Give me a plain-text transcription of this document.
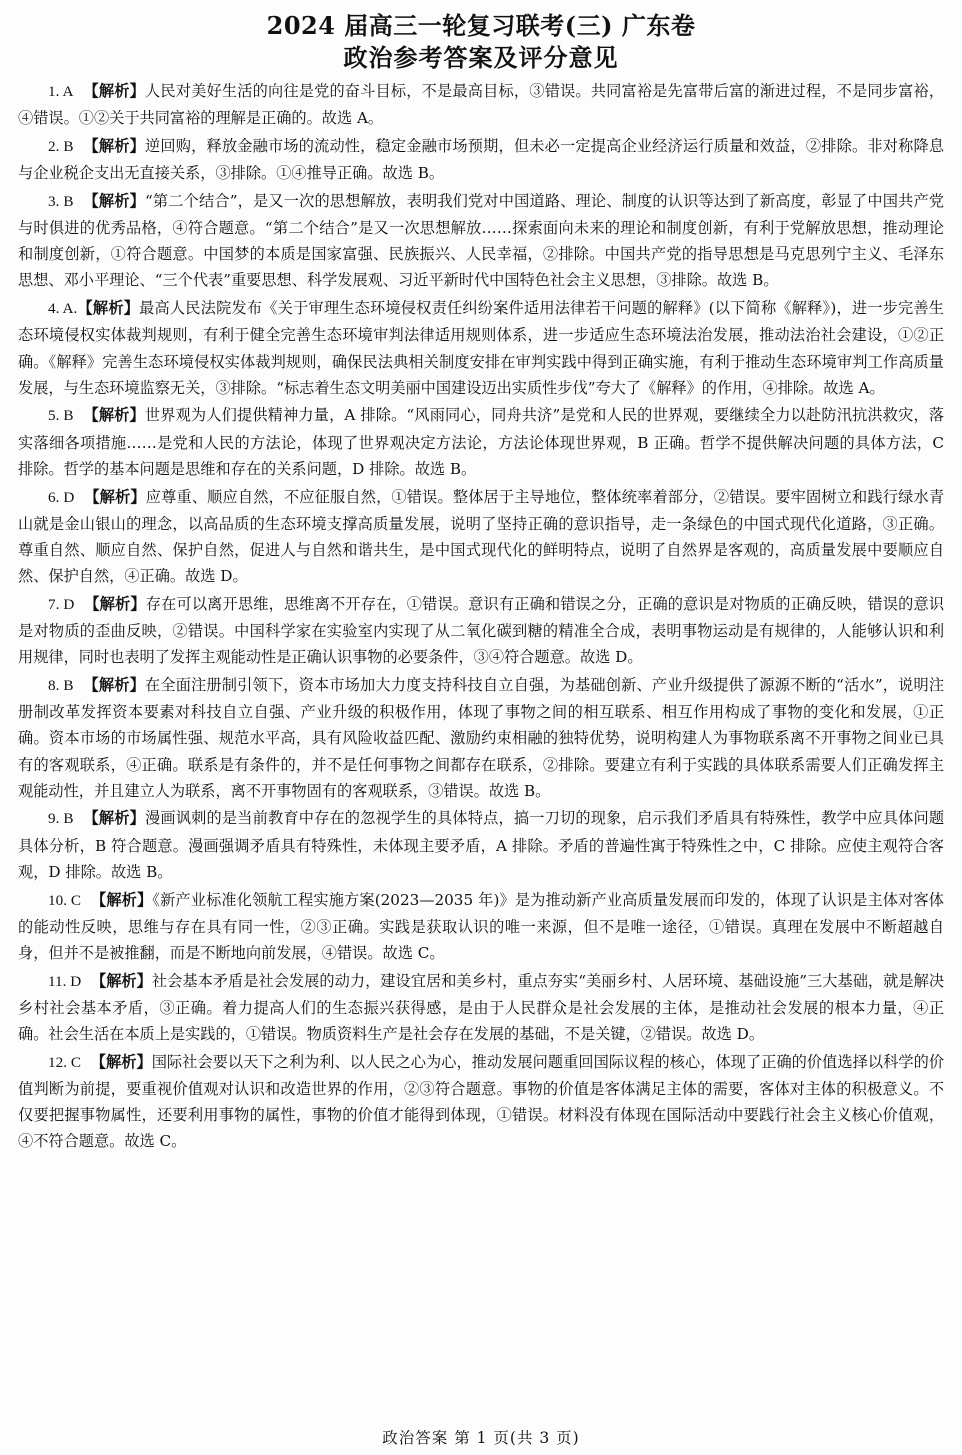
2024 届高三一轮复习联考(三) 广东卷
政治参考答案及评分意见

1. A 【解析】人民对美好生活的向往是党的奋斗目标，不是最高目标，③错误。共同富裕是先富带后富的渐进过程，不是同步富裕，④错误。①②关于共同富裕的理解是正确的。故选 A。

2. B 【解析】逆回购，释放金融市场的流动性，稳定金融市场预期，但未必一定提高企业经济运行质量和效益，②排除。非对称降息与企业税企支出无直接关系，③排除。①④推导正确。故选 B。

3. B 【解析】“第二个结合”，是又一次的思想解放，表明我们党对中国道路、理论、制度的认识等达到了新高度，彰显了中国共产党与时俱进的优秀品格，④符合题意。“第二个结合”是又一次思想解放……探索面向未来的理论和制度创新，有利于党解放思想，推动理论和制度创新，①符合题意。中国梦的本质是国家富强、民族振兴、人民幸福，②排除。中国共产党的指导思想是马克思列宁主义、毛泽东思想、邓小平理论、“三个代表”重要思想、科学发展观、习近平新时代中国特色社会主义思想，③排除。故选 B。

4. A.【解析】最高人民法院发布《关于审理生态环境侵权责任纠纷案件适用法律若干问题的解释》(以下简称《解释》)，进一步完善生态环境侵权实体裁判规则，有利于健全完善生态环境审判法律适用规则体系，进一步适应生态环境法治发展，推动法治社会建设，①②正确。《解释》完善生态环境侵权实体裁判规则，确保民法典相关制度安排在审判实践中得到正确实施，有利于推动生态环境审判工作高质量发展，与生态环境监察无关，③排除。“标志着生态文明美丽中国建设迈出实质性步伐”夸大了《解释》的作用，④排除。故选 A。

5. B 【解析】世界观为人们提供精神力量，A 排除。“风雨同心，同舟共济”是党和人民的世界观，要继续全力以赴防汛抗洪救灾，落实落细各项措施……是党和人民的方法论，体现了世界观决定方法论，方法论体现世界观，B 正确。哲学不提供解决问题的具体方法，C 排除。哲学的基本问题是思维和存在的关系问题，D 排除。故选 B。

6. D 【解析】应尊重、顺应自然，不应征服自然，①错误。整体居于主导地位，整体统率着部分，②错误。要牢固树立和践行绿水青山就是金山银山的理念，以高品质的生态环境支撑高质量发展，说明了坚持正确的意识指导，走一条绿色的中国式现代化道路，③正确。尊重自然、顺应自然、保护自然，促进人与自然和谐共生，是中国式现代化的鲜明特点，说明了自然界是客观的，高质量发展中要顺应自然、保护自然，④正确。故选 D。

7. D 【解析】存在可以离开思维，思维离不开存在，①错误。意识有正确和错误之分，正确的意识是对物质的正确反映，错误的意识是对物质的歪曲反映，②错误。中国科学家在实验室内实现了从二氧化碳到糖的精准全合成，表明事物运动是有规律的，人能够认识和利用规律，同时也表明了发挥主观能动性是正确认识事物的必要条件，③④符合题意。故选 D。

8. B 【解析】在全面注册制引领下，资本市场加大力度支持科技自立自强，为基础创新、产业升级提供了源源不断的“活水”，说明注册制改革发挥资本要素对科技自立自强、产业升级的积极作用，体现了事物之间的相互联系、相互作用构成了事物的变化和发展，①正确。资本市场的市场属性强、规范水平高，具有风险收益匹配、激励约束相融的独特优势，说明构建人为事物联系离不开事物之间业已具有的客观联系，④正确。联系是有条件的，并不是任何事物之间都存在联系，②排除。要建立有利于实践的具体联系需要人们正确发挥主观能动性，并且建立人为联系，离不开事物固有的客观联系，③错误。故选 B。

9. B 【解析】漫画讽刺的是当前教育中存在的忽视学生的具体特点，搞一刀切的现象，启示我们矛盾具有特殊性，教学中应具体问题具体分析，B 符合题意。漫画强调矛盾具有特殊性，未体现主要矛盾，A 排除。矛盾的普遍性寓于特殊性之中，C 排除。应使主观符合客观，D 排除。故选 B。

10. C 【解析】《新产业标准化领航工程实施方案(2023—2035 年)》是为推动新产业高质量发展而印发的，体现了认识是主体对客体的能动性反映，思维与存在具有同一性，②③正确。实践是获取认识的唯一来源，但不是唯一途径，①错误。真理在发展中不断超越自身，但并不是被推翻，而是不断地向前发展，④错误。故选 C。

11. D 【解析】社会基本矛盾是社会发展的动力，建设宜居和美乡村，重点夯实“美丽乡村、人居环境、基础设施”三大基础，就是解决乡村社会基本矛盾，③正确。着力提高人们的生态振兴获得感，是由于人民群众是社会发展的主体，是推动社会发展的根本力量，④正确。社会生活在本质上是实践的，①错误。物质资料生产是社会存在发展的基础，不是关键，②错误。故选 D。

12. C 【解析】国际社会要以天下之利为利、以人民之心为心，推动发展问题重回国际议程的核心，体现了正确的价值选择以科学的价值判断为前提，要重视价值观对认识和改造世界的作用，②③符合题意。事物的价值是客体满足主体的需要，客体对主体的积极意义。不仅要把握事物属性，还要利用事物的属性，事物的价值才能得到体现，①错误。材料没有体现在国际活动中要践行社会主义核心价值观，④不符合题意。故选 C。

政治答案 第 1 页(共 3 页)
